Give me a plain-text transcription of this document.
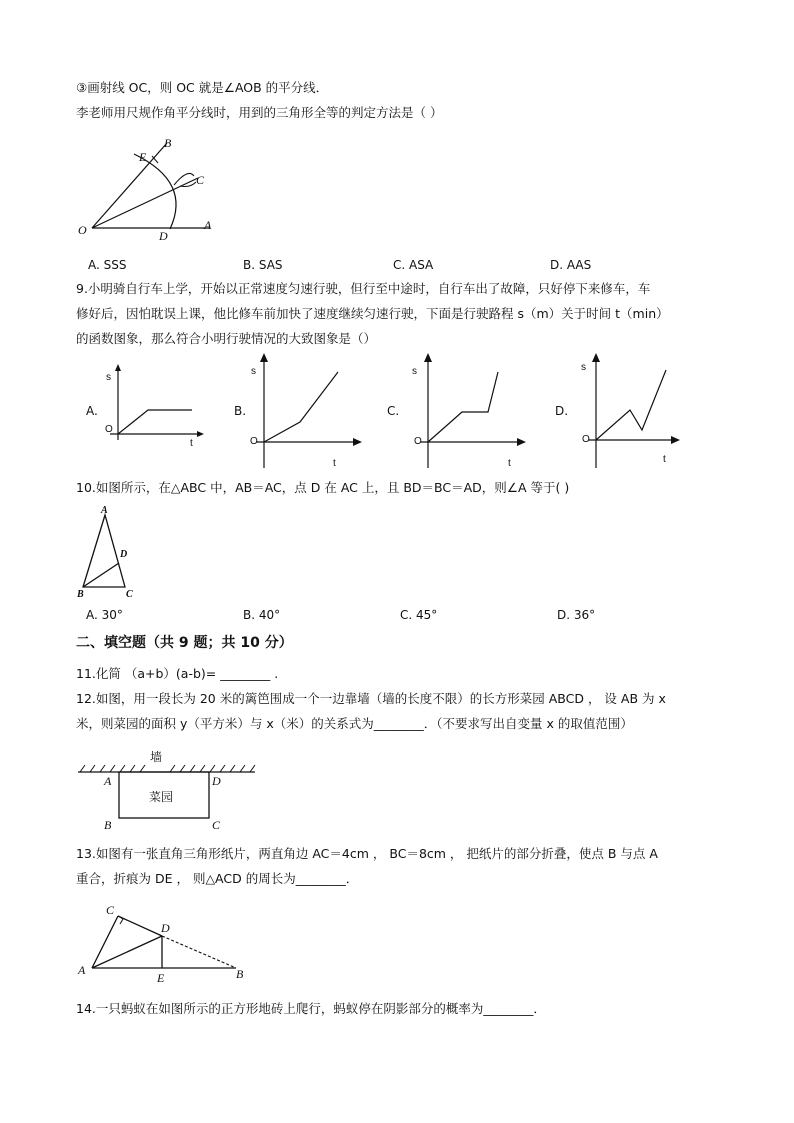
③画射线 OC，则 OC 就是∠AOB 的平分线．
李老师用尺规作角平分线时，用到的三角形全等的判定方法是（ ）
B
E
C
O	D
A
A. SSS	B. SAS	C. ASA	D. AAS
9.小明骑自行车上学，开始以正常速度匀速行驶，但行至中途时，自行车出了故障，只好停下来修车，车
修好后，因怕耽误上课，他比修车前加快了速度继续匀速行驶，下面是行驶路程 s（m）关于时间 t（min）
的函数图象，那么符合小明行驶情况的大致图象是（）
A.
s
O
t
B.
s
O
t
C.
s
O
t
D.
s
O
t
10.如图所示，在△ABC 中，AB＝AC，点 D 在 AC 上，且 BD＝BC＝AD，则∠A 等于( )
A
D
B	C
A. 30°	B. 40°	C. 45°	D. 36°
二、填空题（共 9 题；共 10 分）
11.化简 （a+b）(a-b)= ________ .
12.如图，用一段长为 20 米的篱笆围成一个一边靠墙（墙的长度不限）的长方形菜园 ABCD ， 设 AB 为 x
米，则菜园的面积 y（平方米）与 x（米）的关系式为________．（不要求写出自变量 x 的取值范围）
墙
菜园
A	D
B	C
13.如图有一张直角三角形纸片，两直角边 AC＝4cm ， BC＝8cm ， 把纸片的部分折叠，使点 B 与点 A
重合，折痕为 DE ， 则△ACD 的周长为________．
C
D
A
E	B
14.一只蚂蚁在如图所示的正方形地砖上爬行，蚂蚁停在阴影部分的概率为________．
